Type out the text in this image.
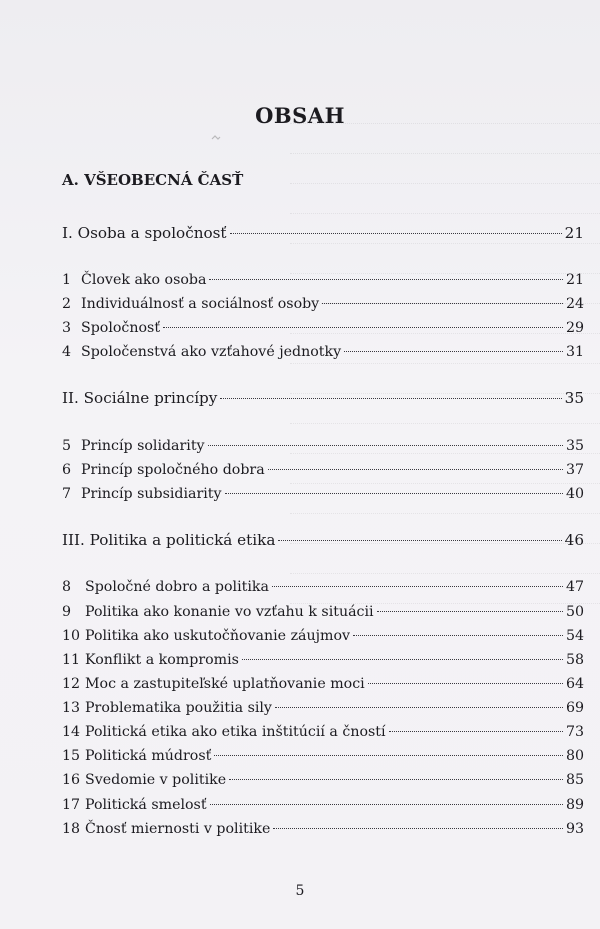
OBSAH
A. VŠEOBECNÁ ČASŤ
I. Osoba a spoločnosť	21
1 Človek ako osoba	21
2 Individuálnosť a sociálnosť osoby	24
3 Spoločnosť	29
4 Spoločenstvá ako vzťahové jednotky	31
II. Sociálne princípy	35
5 Princíp solidarity	35
6 Princíp spoločného dobra	37
7 Princíp subsidiarity	40
III. Politika a politická etika	46
8 Spoločné dobro a politika	47
9 Politika ako konanie vo vzťahu k situácii	50
10 Politika ako uskutočňovanie záujmov	54
11 Konflikt a kompromis	58
12 Moc a zastupiteľské uplatňovanie moci	64
13 Problematika použitia sily	69
14 Politická etika ako etika inštitúcií a čností	73
15 Politická múdrosť	80
16 Svedomie v politike	85
17 Politická smelosť	89
18 Čnosť miernosti v politike	93
5
